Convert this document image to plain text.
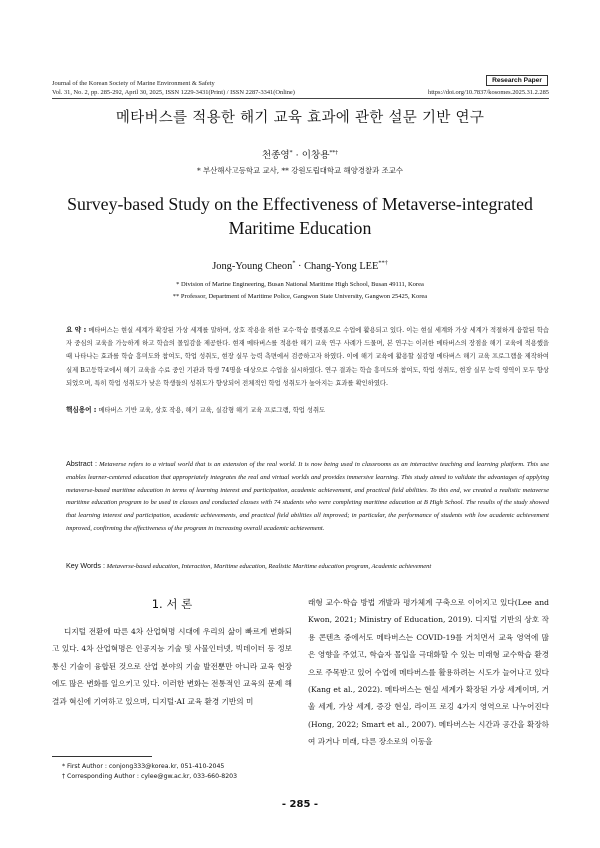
Journal of the Korean Society of Marine Environment & Safety	Research Paper
Vol. 31, No. 2, pp. 285-292, April 30, 2025, ISSN 1229-3431(Print) / ISSN 2287-3341(Online)	https://doi.org/10.7837/kosomes.2025.31.2.285
메타버스를 적용한 해기 교육 효과에 관한 설문 기반 연구
천종영* · 이창용**†
* 부산해사고등학교 교사, ** 강원도립대학교 해양경찰과 조교수
Survey-based Study on the Effectiveness of Metaverse-integrated Maritime Education
Jong-Young Cheon* · Chang-Yong LEE**†
* Division of Marine Engineering, Busan National Maritime High School, Busan 49111, Korea
** Professor, Department of Maritime Police, Gangwon State University, Gangwon 25425, Korea
요 약 : 메타버스는 현실 세계가 확장된 가상 세계를 말하며, 상호 작용을 위한 교수·학습 플랫폼으로 수업에 활용되고 있다. 이는 현실 세계와 가상 세계가 적절하게 융합된 학습자 중심의 교육을 가능하게 하고 학습의 몰입감을 제공한다. 현재 메타버스를 적용한 해기 교육 연구 사례가 드물며, 본 연구는 이러한 메타버스의 장점을 해기 교육에 적용했을 때 나타나는 효과를 학습 흥미도와 참여도, 학업 성취도, 현장 실무 능력 측면에서 검증하고자 하였다. 이에 해기 교육에 활용할 실감형 메타버스 해기 교육 프로그램을 제작하여 실제 B고등학교에서 해기 교육을 수료 중인 기관과 학생 74명을 대상으로 수업을 실시하였다. 연구 결과는 학습 흥미도와 참여도, 학업 성취도, 현장 실무 능력 영역이 모두 향상되었으며, 특히 학업 성취도가 낮은 학생들의 성취도가 향상되어 전체적인 학업 성취도가 높아지는 효과를 확인하였다.
핵심용어 : 메타버스 기반 교육, 상호 작용, 해기 교육, 실감형 해기 교육 프로그램, 학업 성취도
Abstract : Metaverse refers to a virtual world that is an extension of the real world. It is now being used in classrooms as an interactive teaching and learning platform. This use enables learner-centered education that appropriately integrates the real and virtual worlds and provides immersive learning. This study aimed to validate the advantages of applying metaverse-based maritime education in terms of learning interest and participation, academic achievement, and practical field abilities. To this end, we created a realistic metaverse maritime education program to be used in classes and conducted classes with 74 students who were completing maritime education at B High School. The results of the study showed that learning interest and participation, academic achievements, and practical field abilities all improved; in particular, the performance of students with low academic achievement improved, confirming the effectiveness of the program in increasing overall academic achievement.
Key Words : Metaverse-based education, Interaction, Maritime education, Realistic Maritime education program, Academic achievement
1. 서 론
디지털 전환에 따른 4차 산업혁명 시대에 우리의 삶이 빠르게 변화되고 있다. 4차 산업혁명은 인공지능 기술 및 사물인터넷, 빅데이터 등 정보통신 기술이 융합된 것으로 산업 분야의 기술 발전뿐만 아니라 교육 현장에도 많은 변화를 일으키고 있다. 이러한 변화는 전통적인 교육의 문제 해결과 혁신에 기여하고 있으며, 디지털·AI 교육 환경 기반의 미
래형 교수·학습 방법 개발과 평가체계 구축으로 이어지고 있다(Lee and Kwon, 2021; Ministry of Education, 2019). 디지털 기반의 상호 작용 콘텐츠 중에서도 메타버스는 COVID-19를 거치면서 교육 영역에 많은 영향을 주었고, 학습자 몰입을 극대화할 수 있는 미래형 교수학습 환경으로 주목받고 있어 수업에 메타버스를 활용하려는 시도가 늘어나고 있다(Kang et al., 2022). 메타버스는 현실 세계가 확장된 가상 세계이며, 거울 세계, 가상 세계, 증강 현실, 라이프 로깅 4가지 영역으로 나누어진다(Hong, 2022; Smart et al., 2007). 메타버스는 시간과 공간을 확장하여 과거나 미래, 다른 장소로의 이동을
* First Author : conjong333@korea.kr, 051-410-2045
† Corresponding Author : cylee@gw.ac.kr, 033-660-8203
- 285 -
